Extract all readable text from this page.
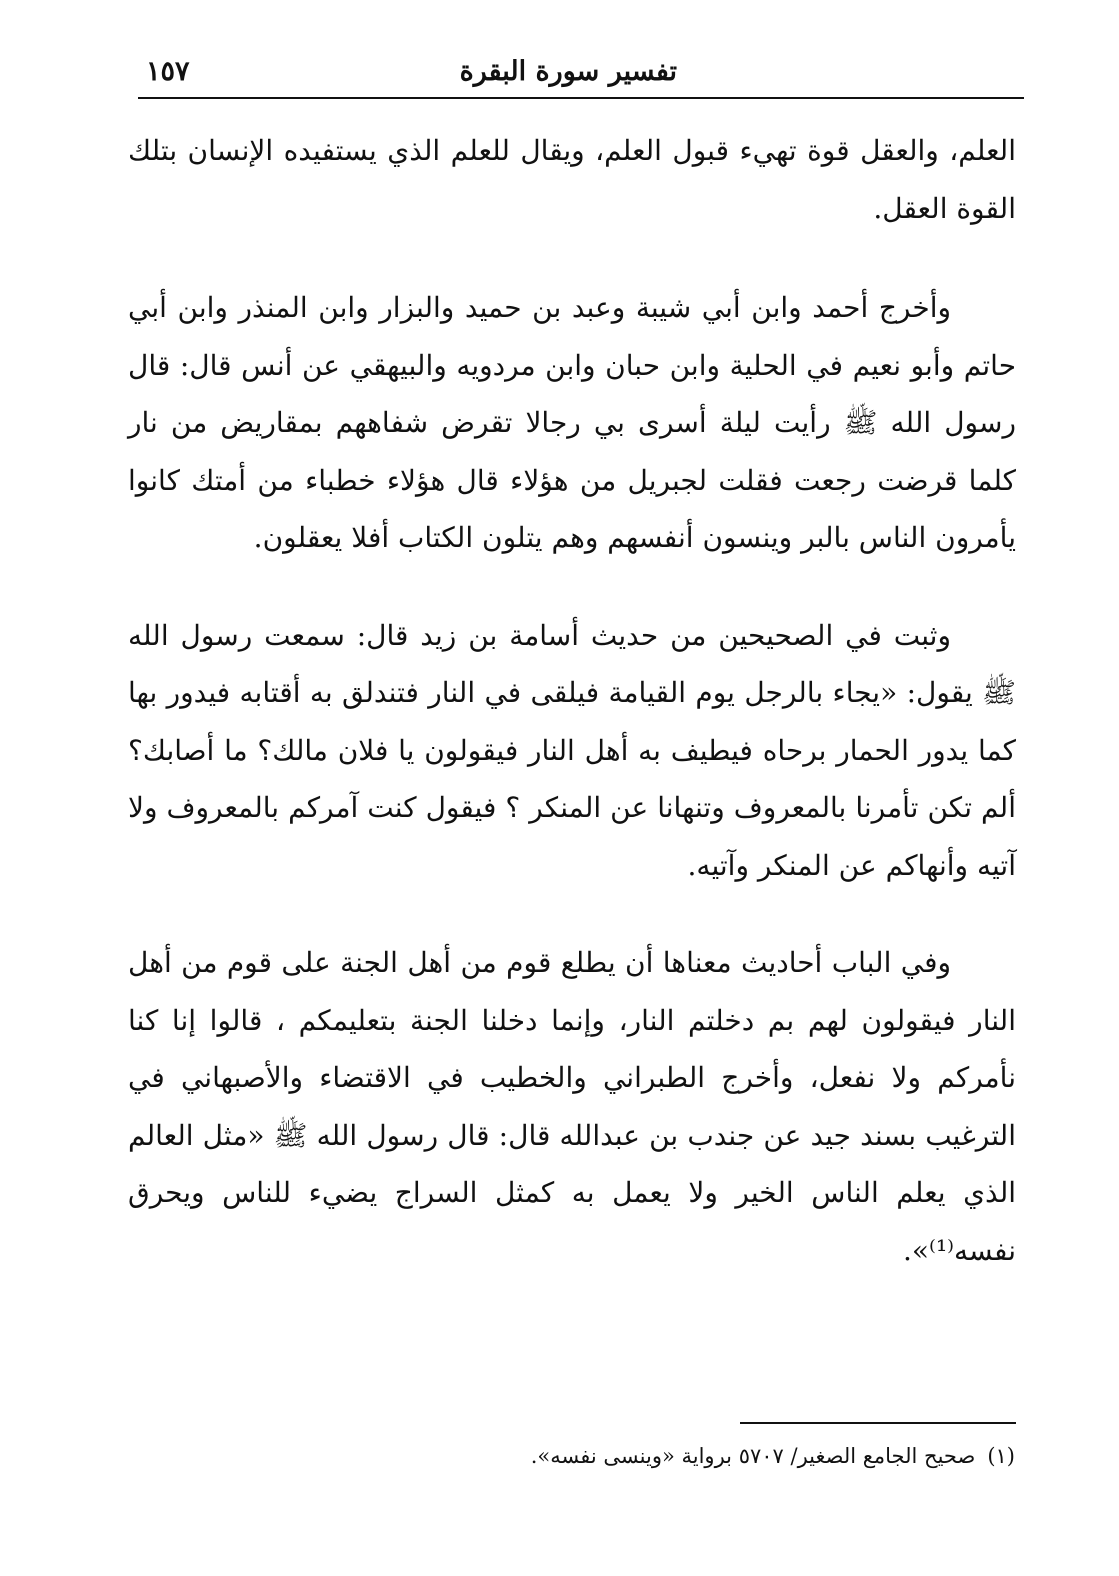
تفسير سورة البقرة
١٥٧

العلم، والعقل قوة تهيء قبول العلم، ويقال للعلم الذي يستفيده الإنسان بتلك القوة العقل.

وأخرج أحمد وابن أبي شيبة وعبد بن حميد والبزار وابن المنذر وابن أبي حاتم وأبو نعيم في الحلية وابن حبان وابن مردويه والبيهقي عن أنس قال: قال رسول الله ﷺ رأيت ليلة أسرى بي رجالا تقرض شفاههم بمقاريض من نار كلما قرضت رجعت فقلت لجبريل من هؤلاء قال هؤلاء خطباء من أمتك كانوا يأمرون الناس بالبر وينسون أنفسهم وهم يتلون الكتاب أفلا يعقلون.

وثبت في الصحيحين من حديث أسامة بن زيد قال: سمعت رسول الله ﷺ يقول: «يجاء بالرجل يوم القيامة فيلقى في النار فتندلق به أقتابه فيدور بها كما يدور الحمار برحاه فيطيف به أهل النار فيقولون يا فلان مالك؟ ما أصابك؟ ألم تكن تأمرنا بالمعروف وتنهانا عن المنكر ؟ فيقول كنت آمركم بالمعروف ولا آتيه وأنهاكم عن المنكر وآتيه.

وفي الباب أحاديث معناها أن يطلع قوم من أهل الجنة على قوم من أهل النار فيقولون لهم بم دخلتم النار، وإنما دخلنا الجنة بتعليمكم ، قالوا إنا كنا نأمركم ولا نفعل، وأخرج الطبراني والخطيب في الاقتضاء والأصبهاني في الترغيب بسند جيد عن جندب بن عبدالله قال: قال رسول الله ﷺ «مثل العالم الذي يعلم الناس الخير ولا يعمل به كمثل السراج يضيء للناس ويحرق نفسه⁽¹⁾».

(١)صحيح الجامع الصغير/ ٥٧٠٧ برواية «وينسى نفسه».
